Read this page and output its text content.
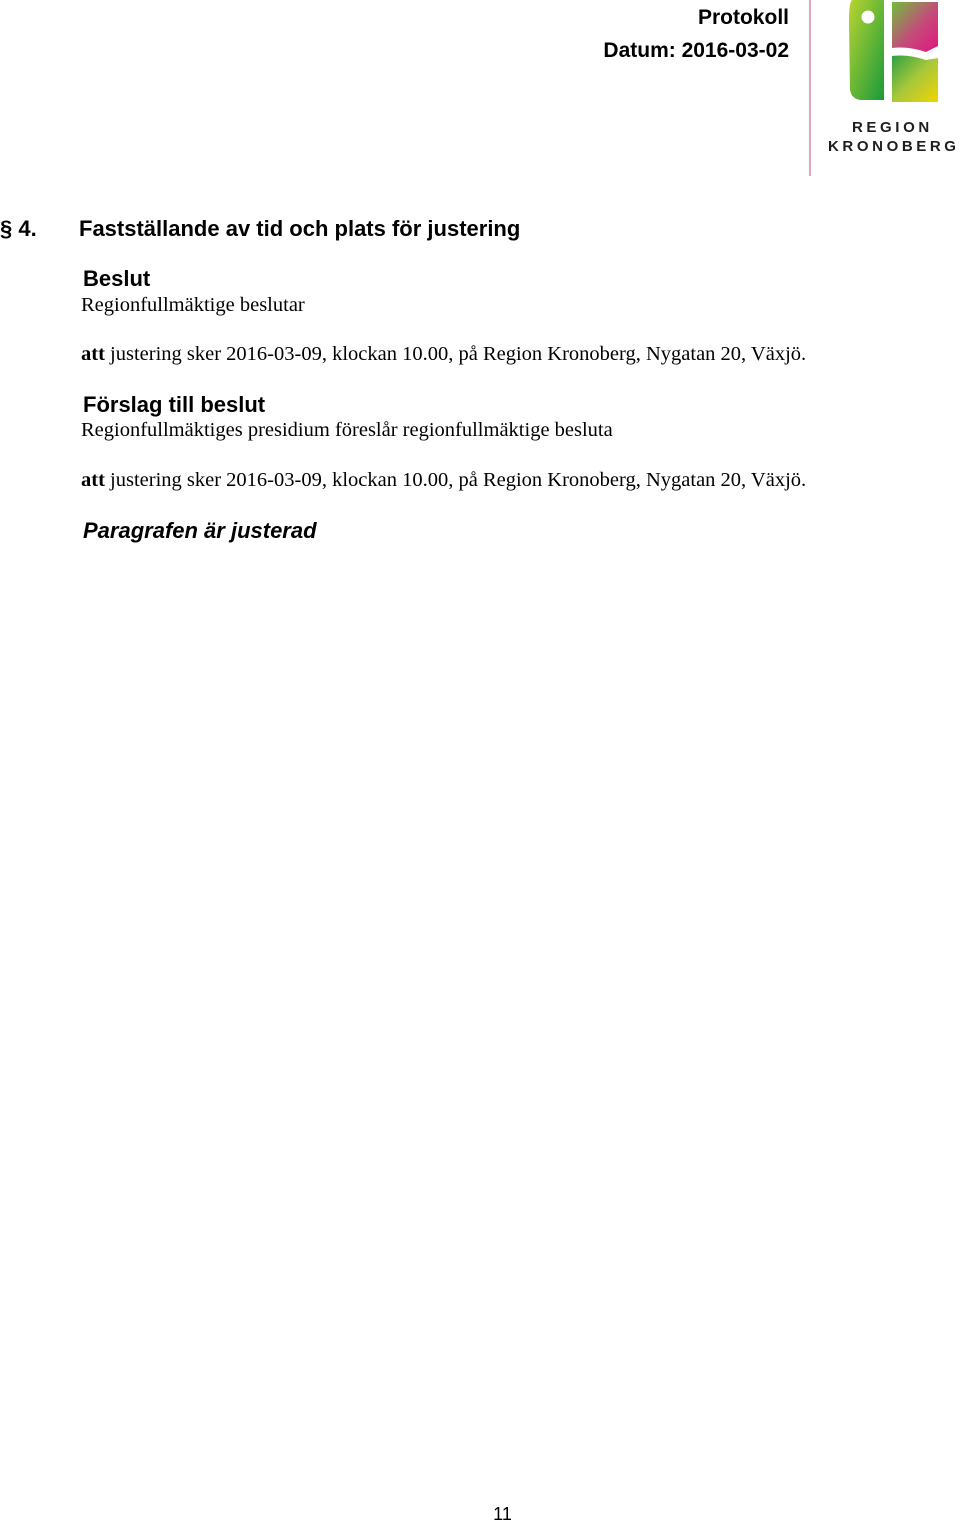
Protokoll
Datum: 2016-03-02
REGION
KRONOBERG
§ 4. Fastställande av tid och plats för justering
Beslut
Regionfullmäktige beslutar
att justering sker 2016-03-09, klockan 10.00, på Region Kronoberg, Nygatan 20, Växjö.
Förslag till beslut
Regionfullmäktiges presidium föreslår regionfullmäktige besluta
att justering sker 2016-03-09, klockan 10.00, på Region Kronoberg, Nygatan 20, Växjö.
Paragrafen är justerad
11
